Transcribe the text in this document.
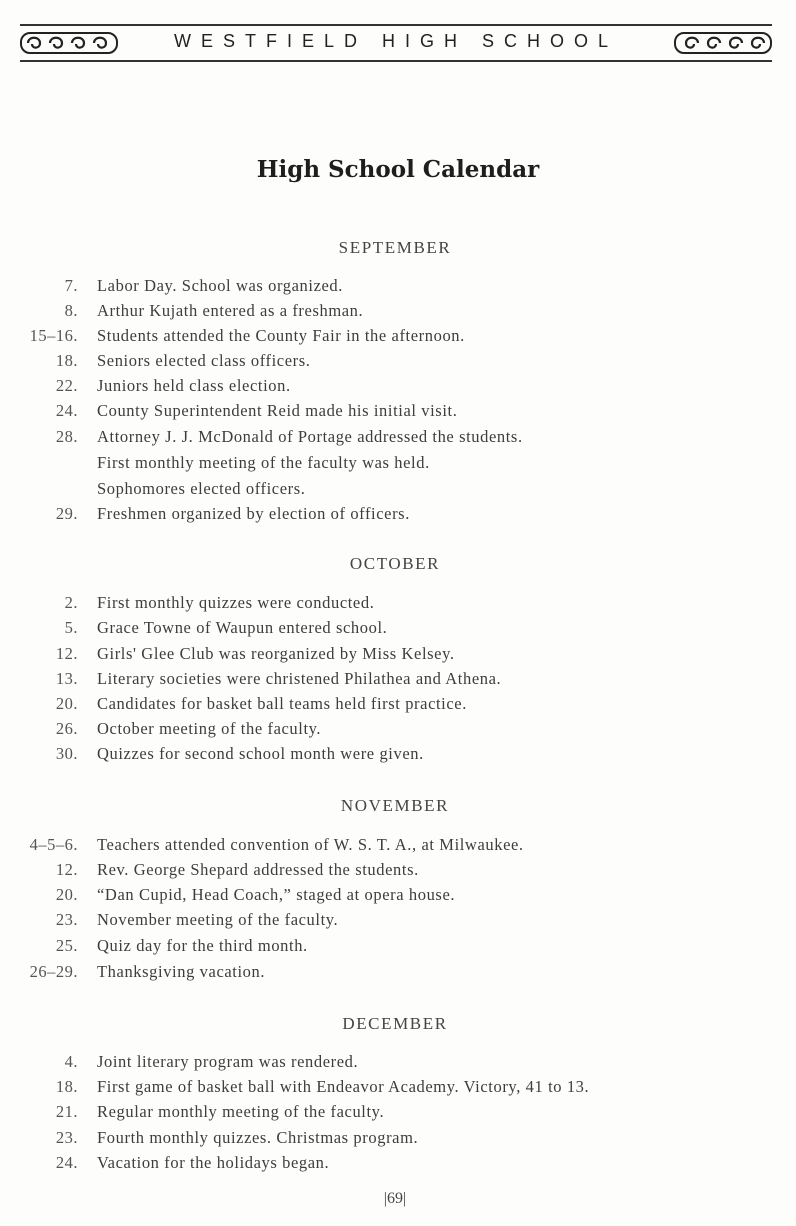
WESTFIELD HIGH SCHOOL
High School Calendar
SEPTEMBER
7. Labor Day. School was organized.
8. Arthur Kujath entered as a freshman.
15–16. Students attended the County Fair in the afternoon.
18. Seniors elected class officers.
22. Juniors held class election.
24. County Superintendent Reid made his initial visit.
28. Attorney J. J. McDonald of Portage addressed the students.
First monthly meeting of the faculty was held.
Sophomores elected officers.
29. Freshmen organized by election of officers.
OCTOBER
2. First monthly quizzes were conducted.
5. Grace Towne of Waupun entered school.
12. Girls' Glee Club was reorganized by Miss Kelsey.
13. Literary societies were christened Philathea and Athena.
20. Candidates for basket ball teams held first practice.
26. October meeting of the faculty.
30. Quizzes for second school month were given.
NOVEMBER
4–5–6. Teachers attended convention of W. S. T. A., at Milwaukee.
12. Rev. George Shepard addressed the students.
20. “Dan Cupid, Head Coach,” staged at opera house.
23. November meeting of the faculty.
25. Quiz day for the third month.
26–29. Thanksgiving vacation.
DECEMBER
4. Joint literary program was rendered.
18. First game of basket ball with Endeavor Academy. Victory, 41 to 13.
21. Regular monthly meeting of the faculty.
23. Fourth monthly quizzes. Christmas program.
24. Vacation for the holidays began.
|69|
